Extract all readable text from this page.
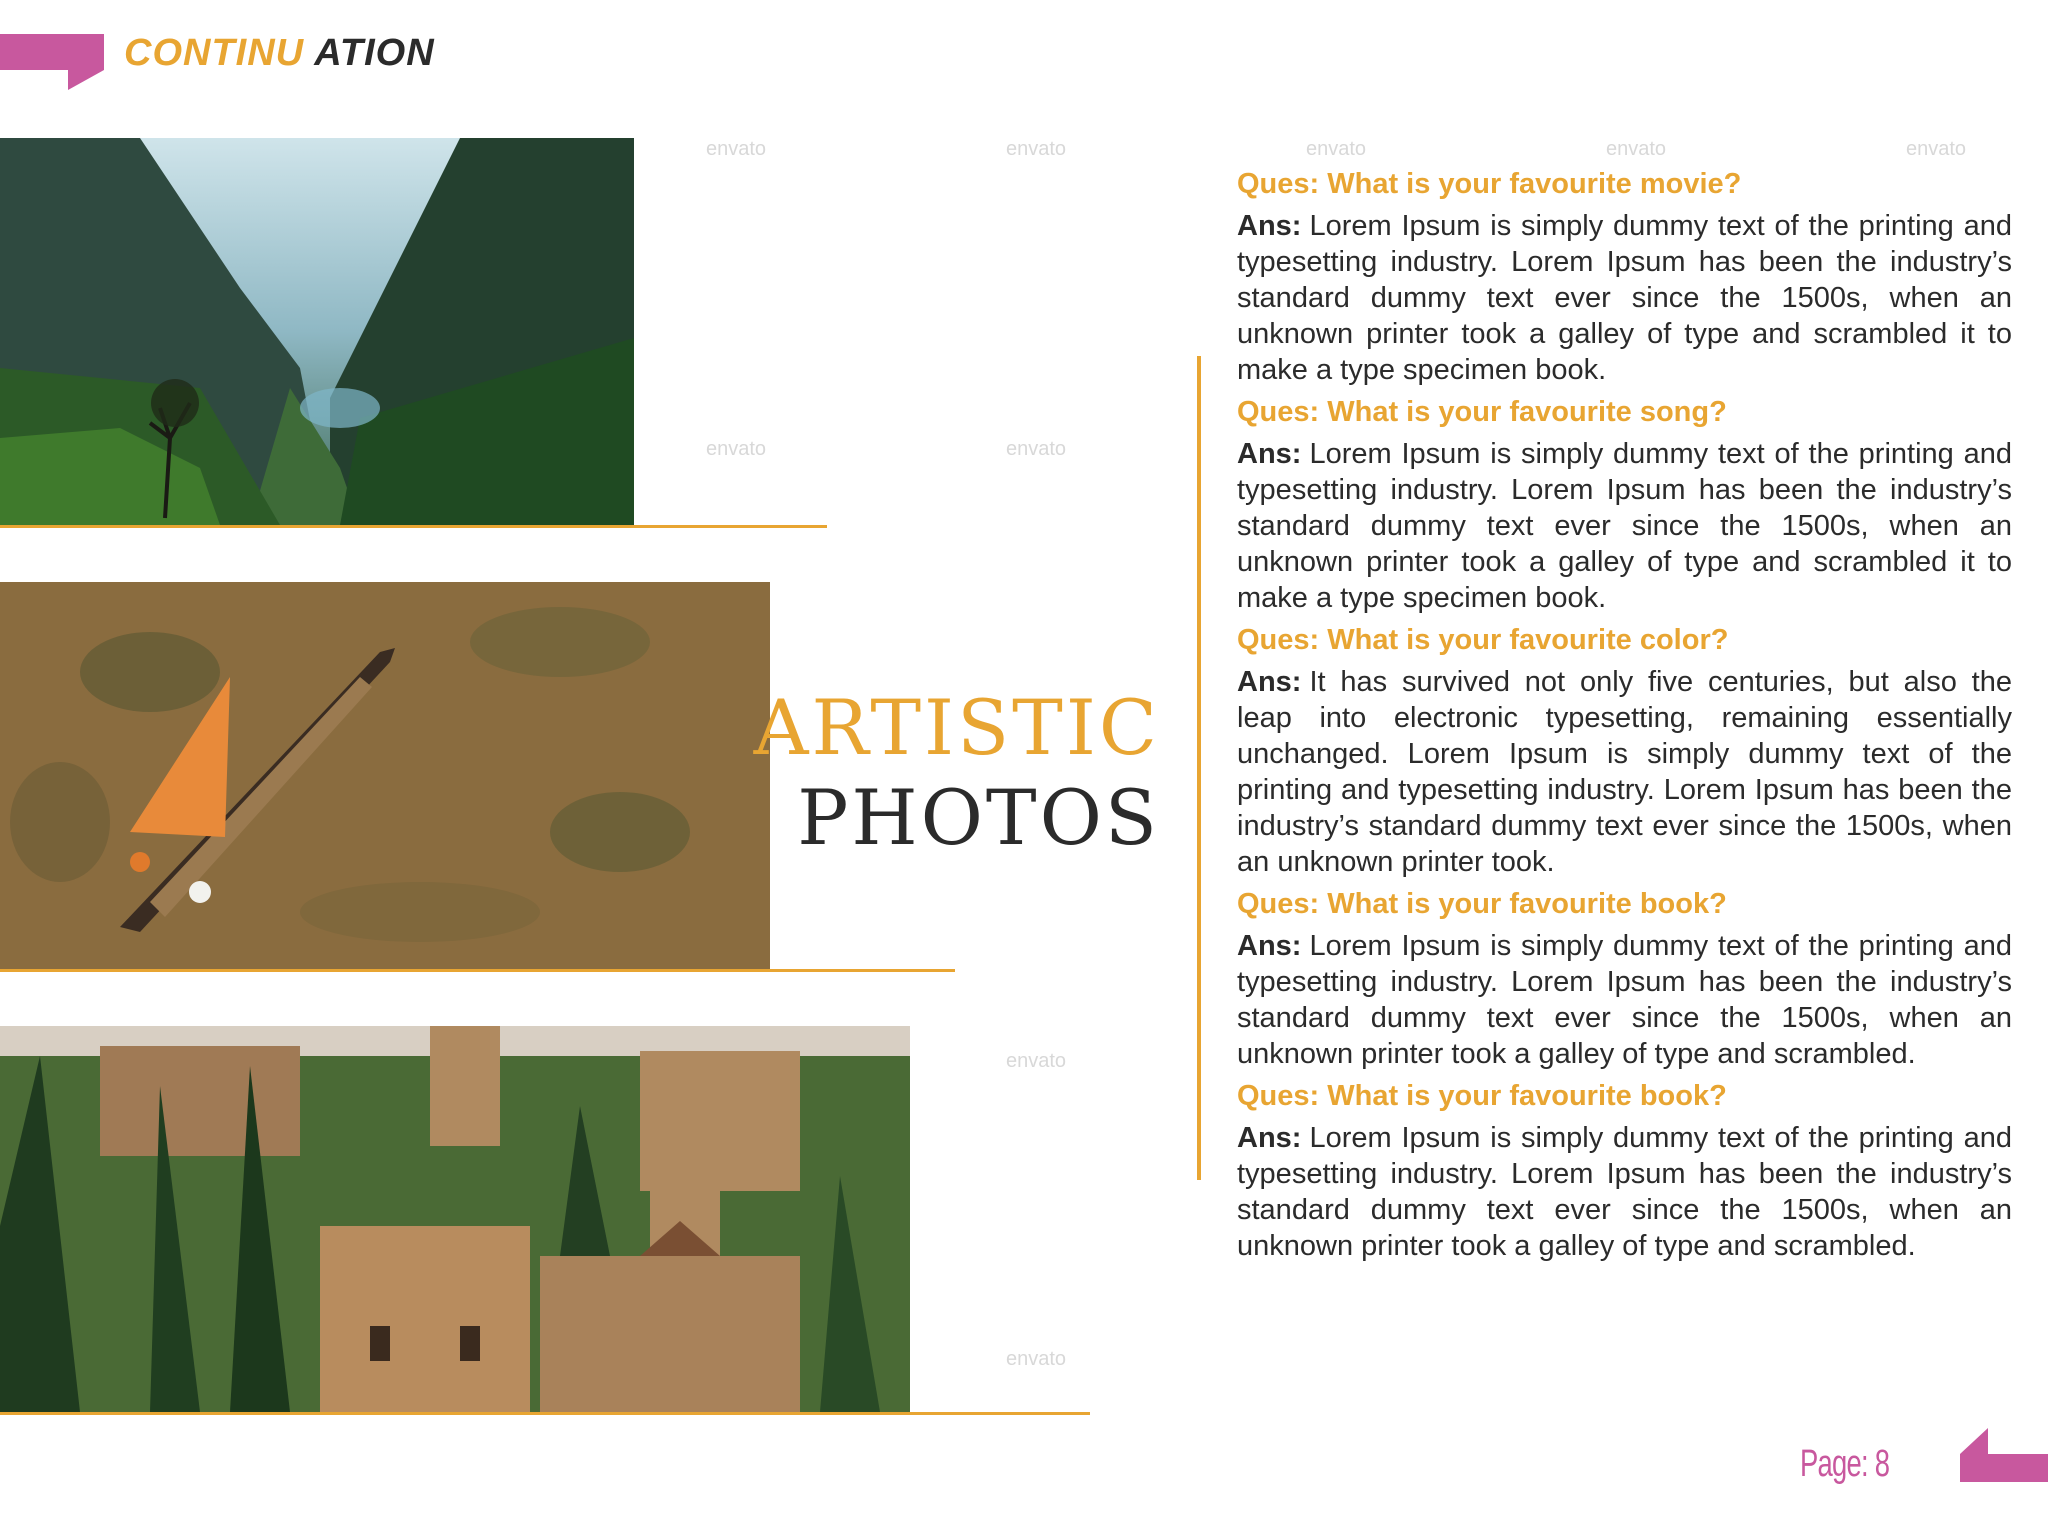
CONTINU ATION
envato	envato	envato	envato	envato
envato	envato
envato
envato
ARTISTIC
PHOTOS

Ques: What is your favourite movie?

Ans: Lorem Ipsum is simply dummy text of the printing and typesetting industry. Lorem Ipsum has been the industry’s standard dummy text ever since the 1500s, when an unknown printer took a galley of type and scrambled it to make a type specimen book.

Ques: What is your favourite song?

Ans: Lorem Ipsum is simply dummy text of the printing and typesetting industry. Lorem Ipsum has been the industry’s standard dummy text ever since the 1500s, when an unknown printer took a galley of type and scrambled it to make a type specimen book.

Ques: What is your favourite color?

Ans: It has survived not only five centuries, but also the leap into electronic typesetting, remaining essentially unchanged. Lorem Ipsum is simply dummy text of the printing and typesetting industry. Lorem Ipsum has been the industry’s standard dummy text ever since the 1500s, when an unknown printer took.

Ques: What is your favourite book?

Ans: Lorem Ipsum is simply dummy text of the printing and typesetting industry. Lorem Ipsum has been the industry’s standard dummy text ever since the 1500s, when an unknown printer took a galley of type and scrambled.

Ques: What is your favourite book?

Ans: Lorem Ipsum is simply dummy text of the printing and typesetting industry. Lorem Ipsum has been the industry’s standard dummy text ever since the 1500s, when an unknown printer took a galley of type and scrambled.

Page: 8
